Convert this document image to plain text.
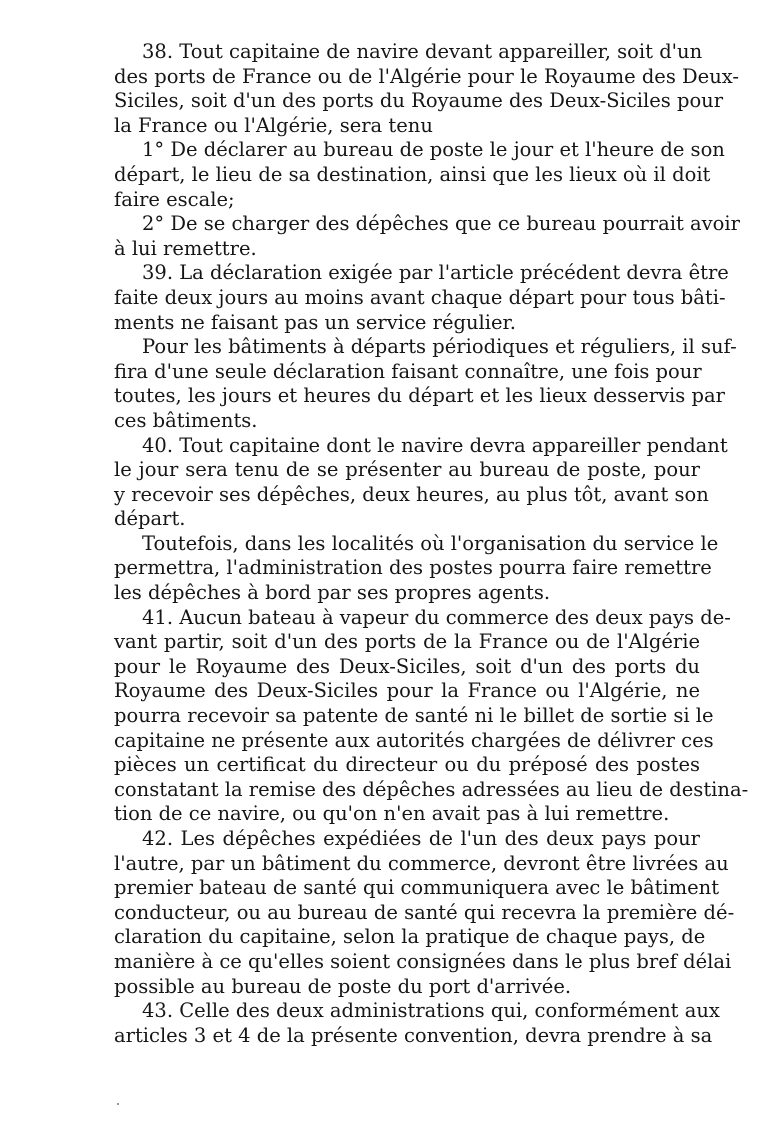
38. Tout capitaine de navire devant appareiller, soit d'un
des ports de France ou de l'Algérie pour le Royaume des Deux-
Siciles, soit d'un des ports du Royaume des Deux-Siciles pour
la France ou l'Algérie, sera tenu

1° De déclarer au bureau de poste le jour et l'heure de son
départ, le lieu de sa destination, ainsi que les lieux où il doit
faire escale;

2° De se charger des dépêches que ce bureau pourrait avoir
à lui remettre.

39. La déclaration exigée par l'article précédent devra être
faite deux jours au moins avant chaque départ pour tous bâti-
ments ne faisant pas un service régulier.

Pour les bâtiments à départs périodiques et réguliers, il suf-
fira d'une seule déclaration faisant connaître, une fois pour
toutes, les jours et heures du départ et les lieux desservis par
ces bâtiments.

40. Tout capitaine dont le navire devra appareiller pendant
le jour sera tenu de se présenter au bureau de poste, pour
y recevoir ses dépêches, deux heures, au plus tôt, avant son
départ.

Toutefois, dans les localités où l'organisation du service le
permettra, l'administration des postes pourra faire remettre
les dépêches à bord par ses propres agents.

41. Aucun bateau à vapeur du commerce des deux pays de-
vant partir, soit d'un des ports de la France ou de l'Algérie
pour le Royaume des Deux-Siciles, soit d'un des ports du
Royaume des Deux-Siciles pour la France ou l'Algérie, ne
pourra recevoir sa patente de santé ni le billet de sortie si le
capitaine ne présente aux autorités chargées de délivrer ces
pièces un certificat du directeur ou du préposé des postes
constatant la remise des dépêches adressées au lieu de destina-
tion de ce navire, ou qu'on n'en avait pas à lui remettre.

42. Les dépêches expédiées de l'un des deux pays pour
l'autre, par un bâtiment du commerce, devront être livrées au
premier bateau de santé qui communiquera avec le bâtiment
conducteur, ou au bureau de santé qui recevra la première dé-
claration du capitaine, selon la pratique de chaque pays, de
manière à ce qu'elles soient consignées dans le plus bref délai
possible au bureau de poste du port d'arrivée.

43. Celle des deux administrations qui, conformément aux
articles 3 et 4 de la présente convention, devra prendre à sa
